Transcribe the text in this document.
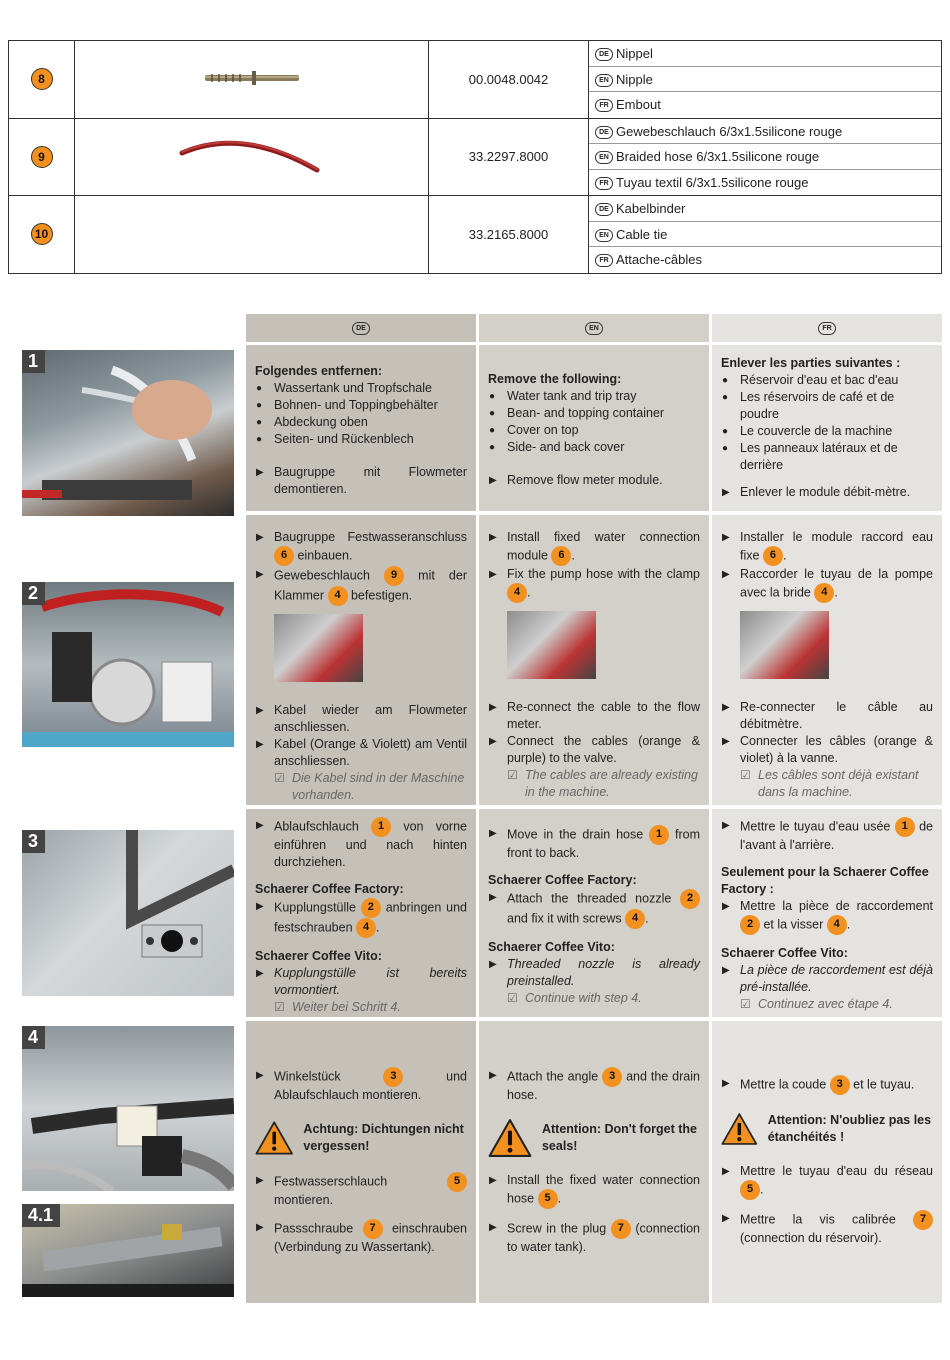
8		00.0048.0042	DE Nippel
EN Nipple
FR Embout

9		33.2297.8000	DE Gewebeschlauch 6/3x1.5silicone rouge
EN Braided hose 6/3x1.5silicone rouge
FR Tuyau textil 6/3x1.5silicone rouge

10		33.2165.8000	DE Kabelbinder
EN Cable tie
FR Attache-câbles
DE	EN	FR
1
2
3
4
4.1
Folgendes entfernen:
● Wassertank und Tropfschale
● Bohnen- und Toppingbehälter
● Abdeckung oben
● Seiten- und Rückenblech
▶ Baugruppe mit Flowmeter demontieren.
Remove the following:
● Water tank and trip tray
● Bean- and topping container
● Cover on top
● Side- and back cover
▶ Remove flow meter module.
Enlever les parties suivantes :
● Réservoir d'eau et bac d'eau
● Les réservoirs de café et de poudre
● Le couvercle de la machine
● Les panneaux latéraux et de derrière
▶ Enlever le module débit-mètre.
▶ Baugruppe Festwasseranschluss 6 einbauen.
▶ Gewebeschlauch 9 mit der Klammer 4 befestigen.
▶ Kabel wieder am Flowmeter anschliessen.
▶ Kabel (Orange & Violett) am Ventil anschliessen.
☑ Die Kabel sind in der Maschine vorhanden.
▶ Install fixed water connection module 6 .
▶ Fix the pump hose with the clamp 4 .
▶ Re-connect the cable to the flow meter.
▶ Connect the cables (orange & purple) to the valve.
☑ The cables are already existing in the machine.
▶ Installer le module raccord eau fixe 6 .
▶ Raccorder le tuyau de la pompe avec la bride 4 .
▶ Re-connecter le câble au débitmètre.
▶ Connecter les câbles (orange & violet) à la vanne.
☑ Les câbles sont déjà existant dans la machine.
▶ Ablaufschlauch 1 von vorne einführen und nach hinten durchziehen.
Schaerer Coffee Factory:
▶ Kupplungstülle 2 anbringen und festschrauben 4 .
Schaerer Coffee Vito:
▶ Kupplungstülle ist bereits vormontiert.
☑ Weiter bei Schritt 4.
▶ Move in the drain hose 1 from front to back.
Schaerer Coffee Factory:
▶ Attach the threaded nozzle 2 and fix it with screws 4 .
Schaerer Coffee Vito:
▶ Threaded nozzle is already preinstalled.
☑ Continue with step 4.
▶ Mettre le tuyau d'eau usée 1 de l'avant à l'arrière.
Seulement pour la Schaerer Coffee Factory :
▶ Mettre la pièce de raccordement 2 et la visser 4 .
Schaerer Coffee Vito:
▶ La pièce de raccordement est déjà pré-installée.
☑ Continuez avec étape 4.
▶ Winkelstück	3	und Ablaufschlauch montieren.
Achtung: Dichtungen nicht vergessen!
▶ Festwasserschlauch	5 montieren.
▶ Passschraube 7 einschrauben (Verbindung zu Wassertank).
▶ Attach the angle 3 and the drain hose.
Attention: Don't forget the seals!
▶ Install the fixed water connection hose 5 .
▶ Screw in the plug 7 (connection to water tank).
▶ Mettre la coude 3 et le tuyau.
Attention: N'oubliez pas les étanchéités !
▶ Mettre le tuyau d'eau du réseau 5 .
▶ Mettre la vis calibrée 7 (connection du réservoir).
